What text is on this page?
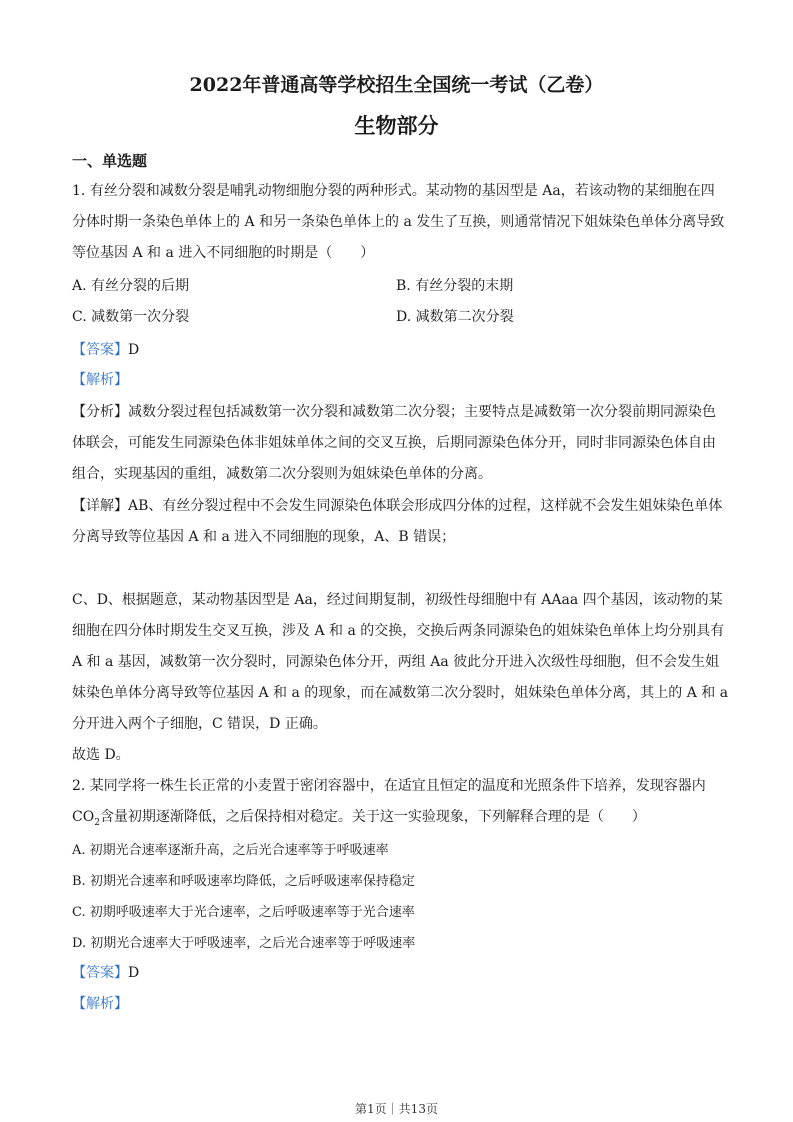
2022年普通高等学校招生全国统一考试（乙卷）
生物部分
一、单选题
1. 有丝分裂和减数分裂是哺乳动物细胞分裂的两种形式。某动物的基因型是 Aa，若该动物的某细胞在四
分体时期一条染色单体上的 A 和另一条染色单体上的 a 发生了互换，则通常情况下姐妹染色单体分离导致
等位基因 A 和 a 进入不同细胞的时期是（　　）
A. 有丝分裂的后期	B. 有丝分裂的末期
C. 减数第一次分裂	D. 减数第二次分裂
【答案】D
【解析】
【分析】减数分裂过程包括减数第一次分裂和减数第二次分裂；主要特点是减数第一次分裂前期同源染色
体联会，可能发生同源染色体非姐妹单体之间的交叉互换，后期同源染色体分开，同时非同源染色体自由
组合，实现基因的重组，减数第二次分裂则为姐妹染色单体的分离。
【详解】AB、有丝分裂过程中不会发生同源染色体联会形成四分体的过程，这样就不会发生姐妹染色单体
分离导致等位基因 A 和 a 进入不同细胞的现象，A、B 错误；
C、D、根据题意，某动物基因型是 Aa，经过间期复制，初级性母细胞中有 AAaa 四个基因，该动物的某
细胞在四分体时期发生交叉互换，涉及 A 和 a 的交换，交换后两条同源染色的姐妹染色单体上均分别具有
A 和 a 基因，减数第一次分裂时，同源染色体分开，两组 Aa 彼此分开进入次级性母细胞，但不会发生姐
妹染色单体分离导致等位基因 A 和 a 的现象，而在减数第二次分裂时，姐妹染色单体分离，其上的 A 和 a
分开进入两个子细胞，C 错误，D 正确。
故选 D。
2. 某同学将一株生长正常的小麦置于密闭容器中，在适宜且恒定的温度和光照条件下培养，发现容器内
$CO_2$含量初期逐渐降低，之后保持相对稳定。关于这一实验现象，下列解释合理的是（　　）
A. 初期光合速率逐渐升高，之后光合速率等于呼吸速率
B. 初期光合速率和呼吸速率均降低，之后呼吸速率保持稳定
C. 初期呼吸速率大于光合速率，之后呼吸速率等于光合速率
D. 初期光合速率大于呼吸速率，之后光合速率等于呼吸速率
【答案】D
【解析】
第1页｜共13页
